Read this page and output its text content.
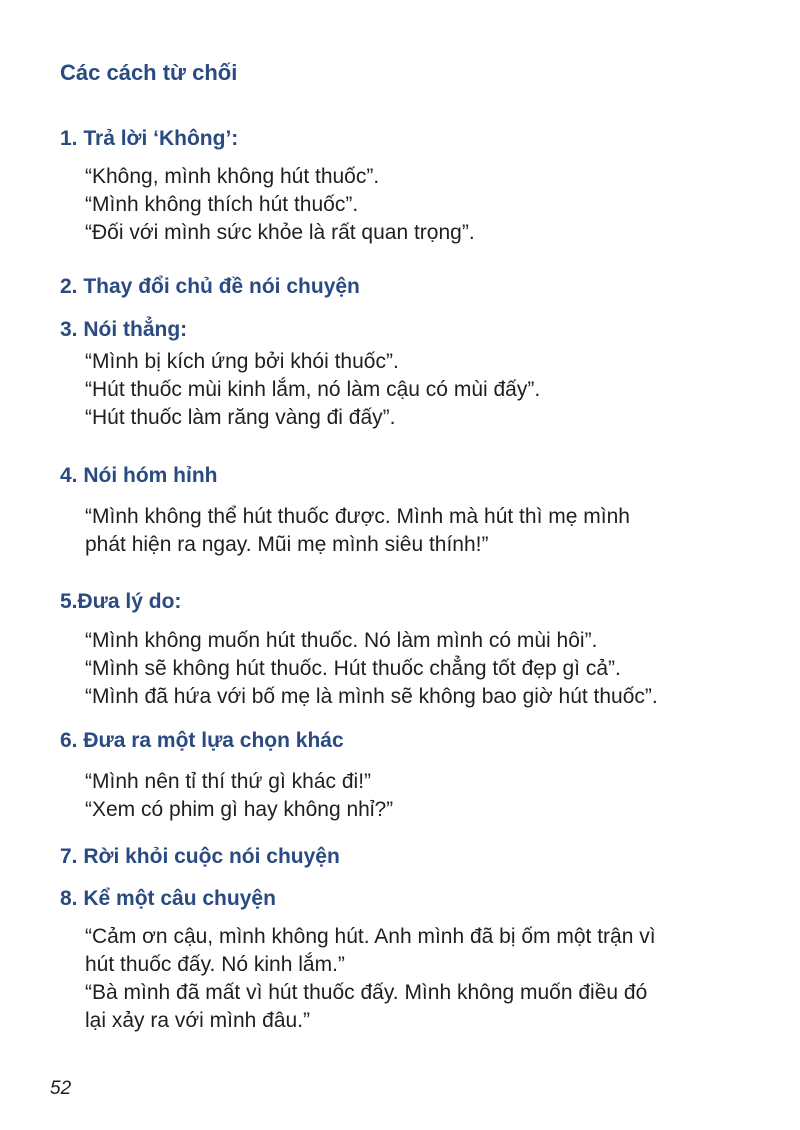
Các cách từ chối
1. Trả lời ‘Không’:

“Không, mình không hút thuốc”.

“Mình không thích hút thuốc”.

“Đối với mình sức khỏe là rất quan trọng”.

2. Thay đổi chủ đề nói chuyện
3. Nói thẳng:

“Mình bị kích ứng bởi khói thuốc”.

“Hút thuốc mùi kinh lắm, nó làm cậu có mùi đấy”.

“Hút thuốc làm răng vàng đi đấy”.

4. Nói hóm hỉnh

“Mình không thể hút thuốc được. Mình mà hút thì mẹ mình

phát hiện ra ngay. Mũi mẹ mình siêu thính!”

5.Đưa lý do:

“Mình không muốn hút thuốc. Nó làm mình có mùi hôi”.

“Mình sẽ không hút thuốc. Hút thuốc chẳng tốt đẹp gì cả”.

“Mình đã hứa với bố mẹ là mình sẽ không bao giờ hút thuốc”.

6. Đưa ra một lựa chọn khác

“Mình nên tỉ thí thứ gì khác đi!”

“Xem có phim gì hay không nhỉ?”

7. Rời khỏi cuộc nói chuyện
8. Kể một câu chuyện

“Cảm ơn cậu, mình không hút. Anh mình đã bị ốm một trận vì

hút thuốc đấy. Nó kinh lắm.”

“Bà mình đã mất vì hút thuốc đấy. Mình không muốn điều đó

lại xảy ra với mình đâu.”

52
